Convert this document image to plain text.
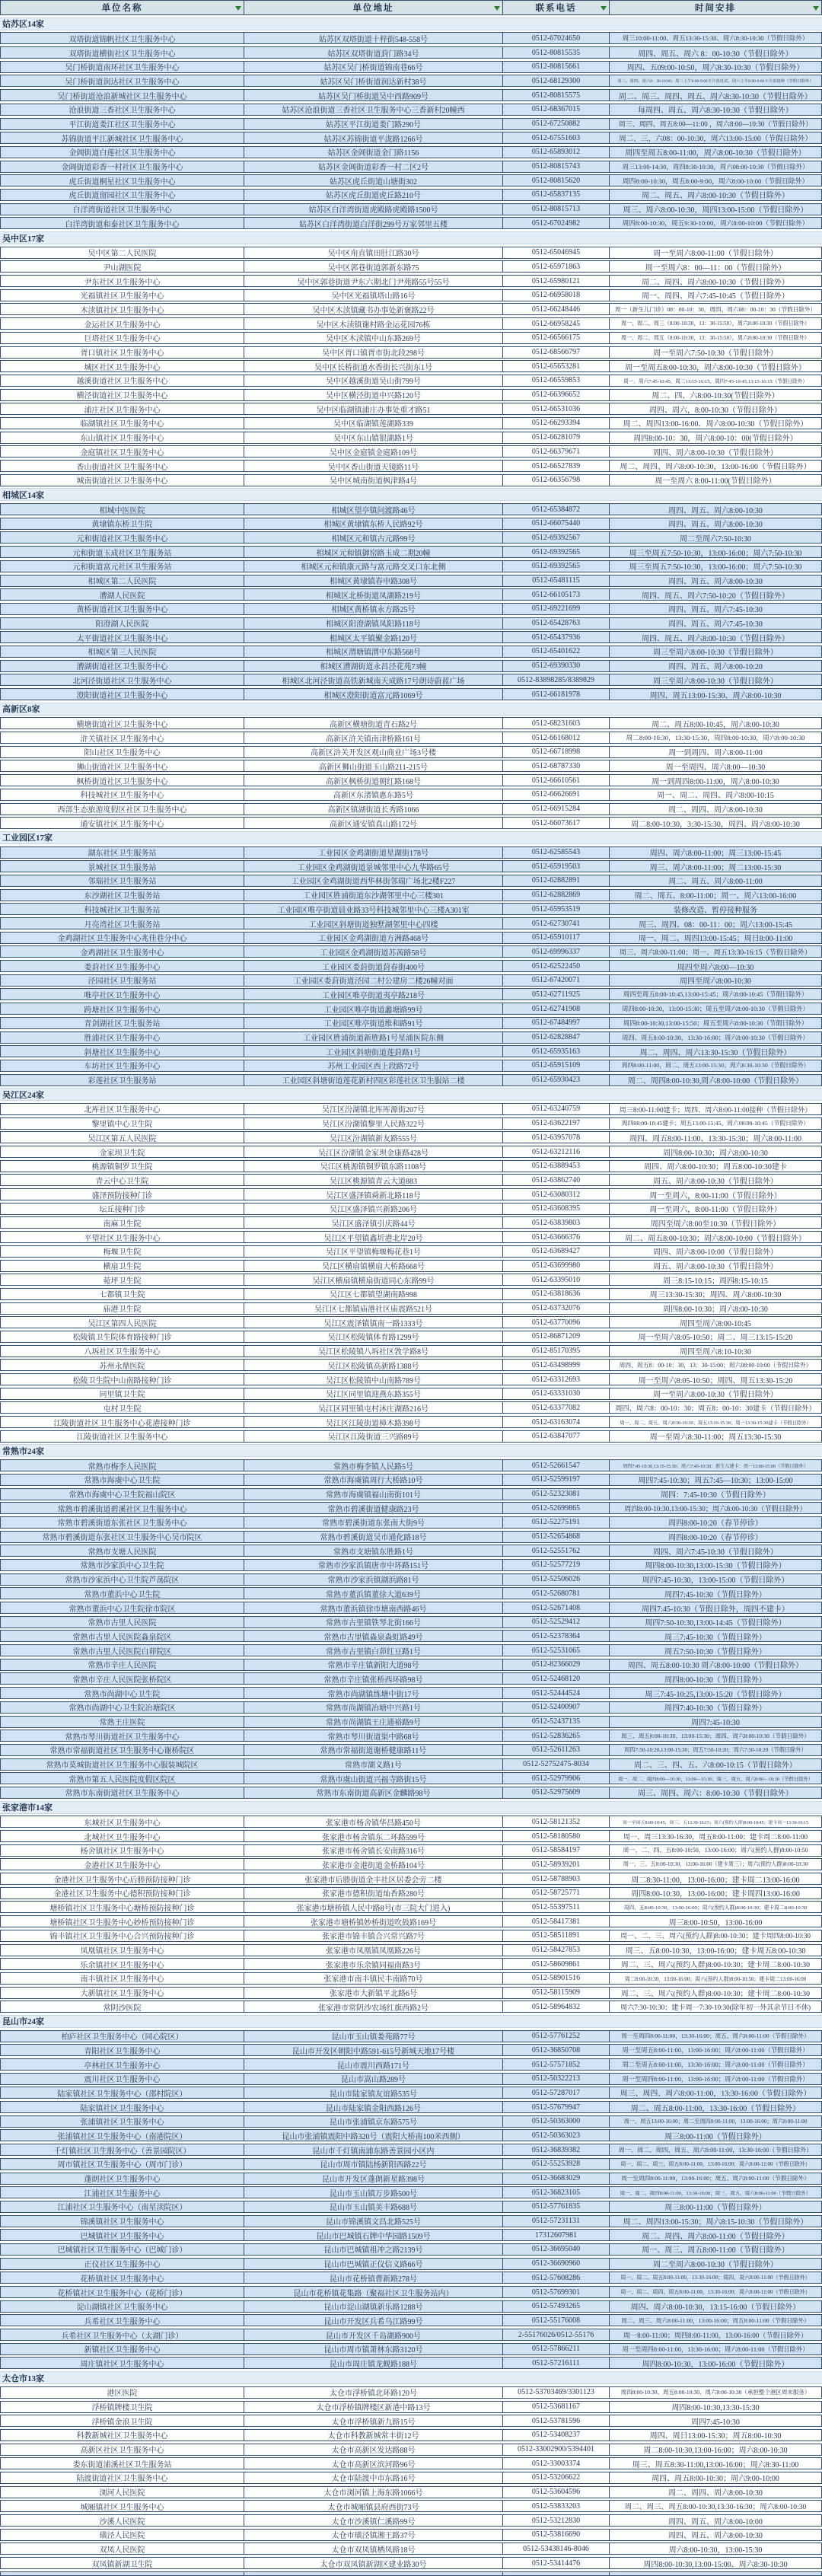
单位名称	单位地址	联系电话	时间安排
姑苏区14家
双塔街道锦帆社区卫生服务中心	姑苏区双塔街道十梓街548-558号	0512-67024650	周三10:00-11:00、周五13:30-15:30、周六8:30-10:30（节假日除外）
双塔街道横街社区卫生服务中心	姑苏区双塔街道葑门路34号	0512-80815535	周四、周五、周六 8：00-10:30（节假日除外）
吴门桥街道南环社区卫生服务中心	姑苏区吴门桥街道锦南巷66号	0512-80815661	周四、五09:00-10:50，周六8:30-10:30（节假日除外）
吴门桥街道润达社区卫生服务中心	姑苏区吴门桥街道润达新村38号	0512-68129300	周三、周四、周六8：30-10:00；周三上午8:00-9:00卡介苗皮试、周六上午8:00-9:00卡介苗接种（节假日除外）
吴门桥街道沧浪新城社区卫生服务中心	姑苏区吴门桥街道吴中西路909号	0512-80815575	周二、周三、周四、周五、周六8:30-10:30（节假日除外）
沧浪街道三香社区卫生服务中心	姑苏区沧浪街道三香社区卫生服务中心三香新村20幢西	0512-68367015	每周四、周五、周六8:30-10:30（节假日除外）
平江街道娄江社区卫生服务中心	姑苏区平江街道娄门路290号	0512-67250882	周三、周四、周五8:00—11:00 ，周六8:00—10:30（节假日除外）
苏锦街道平江新城社区卫生服务中心	姑苏区苏锦街道平泷路1266号	0512-67551603	周二、三、六08：00-10:30，周六13:00-15:00（节假日除外）
金阊街道白莲社区卫生服务中心	姑苏区金阊街道金门路1156	0512-65893012	周四至周五8:00-11:00，周六8:00-10:30（节假日除外）
金阊街道彩香一村社区卫生服务中心	姑苏区金阊街道彩香一村二区2号	0512-80815743	周三13:00-14:30，周四8:30-10:30，周六08:00-10:30（节假日除外）
虎丘街道桐星社区卫生服务中心	姑苏区虎丘街道山塘街302	0512-80815620	周四8:00-10:30，周五8:00-9:00，周六8:00-10:00（节假日除外）
虎丘街道留园社区卫生服务中心	姑苏区虎丘街道虎丘路210号	0512-65837135	周二、周五、周六8:00-10:30（节假日除外）
白洋湾街道社区卫生服务中心	姑苏区白洋湾街道虎殿路虎殿路1500号	0512-80815713	周三、周六8:00-10:30，周四13:00-15:00（节假日除外）
白洋湾街道和泰社区卫生服务中心	姑苏区白洋湾街道白洋街299号万家邻里五楼	0512-67024982	周四8:00-10:30，周五9:30-10:00，周六8:00-10:00（节假日除外）
吴中区17家
吴中区第二人民医院	吴中区甪直镇田肚江路30号	0512-65046945	周一至周六8:00-11:00（节假日除外）
尹山湖医院	吴中区郭巷街道郭新东路75	0512-65971863	周一至周六8：00—11：00（节假日除外）
尹东社区卫生服务中心	吴中区郭巷街道尹东六期北门尹苑路55号55号	0512-65980121	周二、周四、周六8:00-10:30（节假日除外）
光福镇社区卫生服务中心	吴中区光福镇塔山路16号	0512-66958018	周一、周四、周六7:45-10:45（节假日除外）
木渎镇社区卫生服务中心	吴中区木渎镇藏书办事处新褒路22号	0512-66248446	周一（新生儿门诊）08：00-10：30，周四、周六08：00-10：30（节假日除外）
金运社区卫生服务中心	吴中区木渎镇谢村路金运花园76栋	0512-66958245	周一、周二、周三（8:00-10:30，13：30-15:50），周六8:00-10:30（节假日除外）
巨塔社区卫生服务中心	吴中区木渎镇中山东路269号	0512-66566175	周一、周二、周五（8:00-10:30，13：30-15:50），周六8:00-10:30（节假日除外）
胥口镇社区卫生服务中心	吴中区胥口镇胥市街北段298号	0512-68566797	周一至周六7:50-10:30（节假日除外）
城区社区卫生服务中心	吴中区长桥街道水香街长兴街东1号	0512-65653281	周一至周五8:00-10:30，周六8:00-10:30（节假日除外）
越溪街道社区卫生服务中心	吴中区越溪街道吴山街799号	0512-66559853	周一、周六7:45-10:45，周二13:15-16:15，周四7:45-10:45,13:15-16:15（节假日除外）
横泾街道社区卫生服务中心	吴中区横泾街道中兴路120号	0512-66396652	周二、四、六8:00-10:30(节假日除外）
浦庄社区卫生服务中心	吴中区临湖镇浦庄办事处重才路51	0512-66531036	周四、周六，8:00-10:30（节假日除外）
临湖镇社区卫生服务中心	吴中区临湖镇莲湖路339	0512-66293394	周二、周四13:00-16:00、周六8:00-10:30（节假日除外）
东山镇社区卫生服务中心	吴中区东山镇银湖路1号	0512-66281079	周四8:00-10：30，周六8:00-10：00(节假日除外）
金庭镇社区卫生服务中心	吴中区金庭镇金庭路109号	0512-66379671	周四、周六8:00-10:30（节假日除外）
香山街道社区卫生服务中心	吴中区香山街道天镜路11号	0512-66527839	周二、周四、周六8:00-10:30，13:00-16:00（节假日除外）
城南街道社区卫生服务中心	吴中区城南街道枫津路4号	0512-66356798	周一至周六 8:00-11:00(节假日除外）
相城区14家
相城中医医院	相城区望亭镇问渡路46号	0512-65384872	周四、周五、周六8:00-10:30
黄埭镇东桥卫生院	相城区黄埭镇东桥人民路92号	0512-66075440	周四、周五、周六8:00-10:30
元和街道社区卫生服务中心	相城区元和镇古元路99号	0512-69392567	周二至周六7:50-10:30
元和街道玉成社区卫生服务站	相城区元和镇御窑路玉成二期20幢	0512-69392565	周三至周五7:50-10:30，13:00-16:00；周六7:50-10:30
元和街道富元社区卫生服务站	相城区元和镇康元路与富元路交叉口东北侧	0512-69392565	周三至周五7:50-10:30，13:00-16:00；周六7:50-10:30
相城区第二人民医院	相城区黄埭镇春申路308号	0512-65481115	周四、周五、周六8:00-10:30
漕湖人民医院	相城区北桥街道凤湖路219号	0512-66105173	周四、周五、周六7:50-10:20（节假日除外）
黄桥街道社区卫生服务中心	相城区黄桥镇永方路25号	0512-69221699	周四、周五、周六7:45-10:30
阳澄湖人民医院	相城区阳澄湖镇凤阳路118号	0512-65428763	周四、周五、周六7:45-10:30
太平街道社区卫生服务中心	相城区太平镇聚金路120号	0512-65437936	周四、周五、周六8:00-10:30（节假日除外）
相城区第三人民医院	相城区渭塘镇渭中东路568号	0512-65401622	周三至周六8:00-10:30（节假日除外）
漕湖街道社区卫生服务中心	相城区漕湖街道永昌泾花苑73幢	0512-69390330	周四、周五、周六8:00-10:20
北河泾街道社区卫生服务中心	相城区北河泾街道高铁新城南天成路17号朗诗蔚蓝广场	0512-83898285/8389829	周三至周六8:00-10:30（节假日除外）
澄阳街道社区卫生服务中心	相城区澄阳街道富元路1069号	0512-66181978	周四、周五13:00-15:30、周六8:00-10:30
高新区8家
横塘街道社区卫生服务中心	高新区横塘街道青石路2号	0512-68231603	周二、周五8:00-10:45，周六8:00-10:30
浒关镇社区卫生服务中心	高新区浒关镇南津桥路161号	0512-66168012	周二8:00-10:30，13:30-15:30，周四8:00-10:30，周六8:00-10:30
阳山社区卫生服务中心	高新区浒关开发区观山商业广场3号楼	0512-66718998	周一到周四、周六8:00-11:00
狮山街道社区卫生服务中心	高新区狮山街道玉山路211-215号	0512-68787330	周一至周四、周六8:00—10:30
枫桥街道社区卫生服务中心	高新区枫桥街道朝红路168号	0512-66610561	周一到周四8:00-11:00，周六8:00-10:30
科技城社区卫生服务中心	高新区东渚镇惠东路5号	0512-66626691	周一、周二、周四、周六8:00-10:15
西部生态旅游度假区社区卫生服务中心	高新区镇湖街道长秀路1066	0512-66915284	周二、周四、周六8:00-10:30
通安镇社区卫生服务中心	高新区通安镇真山路172号	0512-66073617	周二8:00-10:30，3:30-15:30，周四、周六8:00-10:30
工业园区17家
湖东社区卫生服务站	工业园区金鸡湖街道星湖街178号	0512-62585543	周四、周六8:00-11:00；周三13:00-15:45
景城社区卫生服务站	工业园区金鸡湖街道景城邻里中心九华路65号	0512-65919503	周三、周六8:00-11:00；周二13:00-15:30
邻瑞社区卫生服务站	工业园区金鸡湖街道西华林街邻瑞广场北2楼F227	0512-62882891	周二、周五、周六8:00-11:00
东沙湖社区卫生服务站	工业园区胜浦街道东沙湖邻里中心三楼301	0512-62882869	周二、周五、8:00-11:00；周一、周六13:00-16:00
科技城社区卫生服务站	工业园区唯亭街道晨业路33号科技城邻里中心三楼A301室	0512-65953519	装修改造、暂停接种服务
月亮湾社区卫生服务站	工业园区斜塘街道独墅湖邻里中心四楼	0512-62730741	周三、周四、08：00-11：00；周六13:00-15:45
金鸡湖社区卫生服务中心兆佳巷分中心	工业园区金鸡湖街道方洲路468号	0512-65910117	周一、周二、周四13:00-15:45；周日8:00-11:00
金鸡湖社区卫生服务中心	工业园区金鸡湖街道苏茜路58号	0512-69996337	周三、周六8:00-11:00；周一、周五13:30-16:15（节假日除外）
娄葑社区卫生服务中心	工业园区娄葑街道葑春街400号	0512-62522450	周四至周六8:00—10:30
泾园社区卫生服务站	工业园区娄葑街道泾园二村公建房二楼26幢对面	0512-67420071	周四至周六8:00-10:30
唯亭社区卫生服务中心	工业园区唯亭街道夷亭路218号	0512-62711925	周四至周五8:00-10:45,13:00-15:45；周六8:00-10:45（节假日除外）
跨塘社区卫生服务中心	工业园区唯亭街道蠡塘路99号	0512-62741908	周四8:00-10:30，13:00-15:30；周五至周六8:00-10:30（节假日除外）
青剑湖社区卫生服务站	工业园区唯亭街道维和路91号	0512-67484997	周四8:00-10:30,13:00-15:50；周五至周六8:00-10:30（节假日除外）
胜浦社区卫生服务中心	工业园区胜浦街道新胜路1号星浦医院东侧	0512-62828847	周四、周五8:00-10:30，13:30-16:00；周六8:00-10:30（节假日除外）
斜塘社区卫生服务中心	工业园区斜塘街道莲葑路1号	0512-65935163	周二、周四、周六13:30-15:30（节假日除外）
车坊社区卫生服务中心	苏州工业园区西上段路72号	0512-65915109	周四8:00-11:00，周二、周五13:00-15:30；周六8:30-10:30（节假日除外）
彩莲社区卫生服务站	工业园区斜塘街道莲花新村四区彩莲社区卫生服站二楼	0512-65930423	周二、周四8:00-10:30,周六8:00-10:00（节假日除外）
吴江区24家
北厍社区卫生服务中心	吴江区汾湖镇北厍厍源街207号	0512-63240759	周三8:00-11:00建卡；周四、周六8:00-11:00接种（节假日除外）
黎里镇中心卫生院	吴江区汾湖镇黎里人民路322号	0512-63622197	周四08:00-10:45建卡；周五13:00-15:45、周六08:00-10:45（节假日除外）
吴江区第五人民医院	吴江区汾湖镇新友路555号	0512-63957078	周四、周五8:00-11:00、13:30-15:30；周六8:00-11:00
金家坝卫生院	吴江区汾湖镇金家坝金康路428号	0512-63212116	周四8:00-10:30；周六8:00-10:30
桃源镇铜罗卫生院	吴江区桃源镇铜罗镇东路1108号	0512-63889453	周四、周六8:00-10:30；周五8:00-10:30建卡
青云中心卫生院	吴江区桃源镇青云大道883	0512-63862740	周五、周六8:00-10:30（节假日除外）
盛泽预防接种门诊	吴江区盛泽镇舜新北路118号	0512-63080312	周一至周六，8:00-11:00（节假日除外）
坛丘接种门诊	吴江区盛泽镇兴新路206号	0512-63608395	周一至周六，8:00-11:00（节假日除外）
南麻卫生院	吴江区盛泽镇引庆路44号	0512-63839803	周四至周六8:00至10:30（节假日除外）
平望社区卫生服务中心	吴江区平望镇鑫圻港北岸20号	0512-63666376	周二、周五8:00-10:30；周六8:00-10:00（节假日除外）
梅堰卫生院	吴江区平望镇梅堰梅花巷1号	0512-63689427	周四、周六8:00-10:00（节假日除外）
横扇卫生院	吴江区横扇镇横扇大桥路668号	0512-63699980	周五、周六8:00-10:30（节假日除外）
菀坪卫生院	吴江区横扇镇横扇街道同心东路99号	0512-63395010	周三8:15-10:15；周四8:15-10:15
七都镇卫生院	吴江区七都镇望湖南路998	0512-63818636	周三13:30-15:30；周四、周六8:00-10:30
庙港卫生院	吴江区七都镇庙港社区庙震路521号	0512-63732076	周四8:00-10:30；周六8:00-10:30
吴江区第四人民医院	吴江区震泽镇镇南一路1333号	0512-63770096	周四至周六8:00-10:45
松陵镇卫生院体育路接种门诊	吴江区松陵镇体育路1299号	0512-86871209	周一至周六8:05-10:50；周二、周三13:15-15:20
八坼社区卫生服务中心	吴江区松陵镇八坼社区敩学路8号	0512-85170395	周四至周六8:10-10:30
苏州永鼎医院	吴江区松陵镇高新路1388号	0512-63498999	周四、周五8：00-10：30，13：30-15:00；周六08:00-10:00（节假日除外）
松陵卫生院中山南路接种门诊	吴江区松陵镇中山南路789号	0512-63312693	周一至周六8:05-10:50；周四、周五13:30-15:20
同里镇卫生院	吴江区同里镇迎燕东路355号	0512-63331030	周一至周六8:00-10:30（节假日除外）
屯村卫生院	吴江区同里镇屯村沐庄湖路216号	0512-63377082	周四、周六8：00-10：30；周五8：00-10：30建卡（节假日除外）
江陵街道社区卫生服务中心花港接种门诊	吴江区江陵街道樟木路398号	0512-63163074	周一、周二、周五、周六8:30-10:30；周五13:10-15:30；周一13:30-15:30建卡（节假日除外）
江陵街道社区卫生服务中心	吴江区江陵街道三兴路89号	0512-63847077	周一至周六8:30-11:00；周五13:30-15:30
常熟市24家
常熟市梅李人民医院	常熟市梅李镇人民路5号	0512-52661547	周四7:45-10:30,13:15-15:30；周六7:45-10:30；新生儿建卡：周一13:00-15:00（节假日除外）
常熟市海虞中心卫生院	常熟市海虞镇周行大桥路10号	0512-52599197	周四7:45-10:30；周五7:45—10:30；13:00-15:00
常熟市海虞中心卫生院福山院区	常熟市海虞镇福山南街101号	0512-52323081	周四：7:45-10:30（节假日除外）
常熟市碧溪街道碧溪社区卫生服务中心	常熟市碧溪街道健康路23号	0512-52699865	周四8:00-10:30,13:00-15:30；周六8:00-10:30（节假日除外）
常熟市碧溪街道东张社区卫生服务中心	常熟市碧溪街道东张南大街9号	0512-52275191	周四8:00-10:20（春节停诊）
常熟市碧溪街道东张社区卫生服务中心吴市院区	常熟市碧溪街道吴市通化路18号	0512-52654868	周四8:00-10:20（春节停诊）
常熟市支塘人民医院	常熟市支塘镇东胜路1号	0512-52551762	周四、周六7:45-10:30（节假日除外）
常熟市沙家浜中心卫生院	常熟市沙家浜镇唐市中环路151号	0512-52577219	周四8:00-10:30,13:00-15:30（节假日除外）
常熟市沙家浜中心卫生院芦荡院区	常熟市沙家浜镇湖浜路81号	0512-52506026	周四7:45-10:30，13:00-15:00（节假日除外）
常熟市董浜中心卫生院	常熟市董浜镇董徐大道639号	0512-52680781	周四7:45-10:30（节假日除外）
常熟市董浜中心卫生院徐市院区	常熟市董浜镇徐市塘南西路46号	0512-52671408	周四7:45-10:30（节假日除外，周四不建卡）
常熟市古里人民医院	常熟市古里镇铁琴北街166号	0512-52529412	周四7:50-10:30,13:00-14:45（节假日除外）
常熟市古里人民医院淼泉院区	常熟市古里镇淼泉淼虹路49号	0512-52378364	周三7:45-10:30（节假日除外）
常熟市古里人民医院白茆院区	常熟市古里镇白茆红豆路1号	0512-52531065	周五7:50-10:30（节假日除外）
常熟市辛庄人民医院	常熟市辛庄镇新阳大道98号	0512-82366029	周四、周五8:00-10:30 周六8:00-10:00（节假日除外）
常熟市辛庄人民医院张桥院区	常熟市辛庄镇张桥西环路98号	0512-52468120	周四8:00-10:30（节假日除外）
常熟市尚湖中心卫生院	常熟市尚湖镇练塘中街17号	0512-52444524	周三7:45-10:25,13:00-15:20（节假日除外）
常熟市尚湖中心卫生院冶塘院区	常熟市尚湖镇冶塘中兴路1号	0512-52400907	周四7:40-10:30（节假日除外）
常熟王庄医院	常熟市尚湖镇王庄通裕路9号	0512-52437135	周四7:45-10:30
常熟市琴川街道社区卫生服务中心	常熟市琴川街道渠中路68号	0512-52836265	周三、周五8:00-10:30、13:00-15:30；周四、周六8:00-10:30（节假日除外）
常熟市常福街道社区卫生服务中心谢桥院区	常熟市常福街道谢桥健康路11号	0512-52611263	周四7:50-10:20,13:00-15:30；周五7:50-10:20；周六7:50-10:20（节假日除外）
常熟市莫城街道社区卫生服务中心服装城院区	常熟市湖义路1号	0512-52752475-8034	周二、三、四、五、六8:00-10:15（节假日除外）
常熟市第五人民医院度假区院区	常熟市虞山街道兴福寺路街15号	0512-52979906	周一、周二、周四8:00—10:30、13:00—15:30；周三、周五、周六8:00—10:30（节假日除外）
常熟市东南街道社区卫生服务中心	常熟市东南街道高新区金麟路98号	0512-52975609	周三、周四、周六：8:00-10:30（节假日除外）
张家港市14家
东城社区卫生服务中心	张家港市杨舍镇华昌路450号	0512-58121352	周一至周五8:00-10:45，周三、五13:30-16:15；周六(预约人群)8:00-10:45；建卡周一13:30-16:15
北城社区卫生服务中心	张家港市杨舍镇东二环路599号	0512-58180580	周一、周三13:30-16:30，周五8:00-11:00；建卡周二8:00-11:00
杨舍镇社区卫生服务中心	张家港市杨舍镇长安南路316号	0512-58584197	周一、二、四、五8:00-10:50，13:00-16:00；周六(预约人群)8:00-10:50
金港社区卫生服务中心	张家港市金港街道金桥路104号	0512-58939201	周一、三、五8:00-10:30，13:00-16:00（建卡周三）；周六(预约人群)8:00-10:30
金港社区卫生服务中心后塍预防接种门诊	张家港市后塍街道金丰社区居委会旁二楼	0512-58788903	周二8:30-11:00，13:00-16:00；建卡周二13:00-16:00
金港社区卫生服务中心德积预防接种门诊	张家港市德积街道灿香路280号	0512-58725771	周四8:00-10:30，13:00-16:00；建卡周四13:00-16:00
塘桥镇社区卫生服务中心塘桥预防接种门诊	张家港市塘桥镇人民中路8号(市三院大门进入)	0512-55397511	周四、五8:00-10:30，13:00-16:00；周六(预约人群)8:00-10:30；建卡周二8:00-10:30
塘桥镇社区卫生服务中心妙桥预防接种门诊	张家港市塘桥镇妙桥街道吹鼓路169号	0512-58417381	周三8:00-10:50，13:00-16:00
锦丰镇社区卫生服务中心合兴预防接种门诊	张家港市锦丰镇合兴常兴路7号	0512-58511891	周一、二、三、周六(预约人群)8:00-10:30；建卡周四8:00-10:30
凤凰镇社区卫生服务中心	张家港市凤凰镇凤凰路226号	0512-58427853	周三、五8:00-10:30，13:00-16:00；建卡周五8:00-10:30
乐余镇社区卫生服务中心	张家港市乐余镇同福南路3号	0512-58609861	周二、三、周六(预约人群)8:00-10:30；建卡周二8:00-10:30
南丰镇社区卫生服务中心	张家港市南丰镇民丰南路70号	0512-58901516	周二8:00-10:30，13:00-16:00；周六(预约人群)8:00-10:50；建卡周二13:00-16:00
大新镇社区卫生服务中心	张家港市大新镇平北路6号	0512-58115909	周二、三、周六(预约人群)8:00-10:30；建卡周二8:00-10:30
常阴沙医院	张家港市常阴沙农场红旗西路2号	0512-58964832	周六7:30-10:30；建卡周一7:30-10:30(除年初一外其余节日不休)
昆山市24家
柏庐社区卫生服务中心（同心院区）	昆山市玉山镇娄苑路77号	0512-57761252	周一至周四8:00-11:00，13:30-16:00；周五、周六8:00-11:00（节假日除外）
青阳社区卫生服务中心	昆山市开发区朝阳中路591-615号新城天地17号楼	0512-36850708	周一至周五8:00-11:00，13:00-16:00；周六8:00-11:00（节假日除外）
亭林社区卫生服务中心	昆山市震川西路171号	0512-57571852	周二至周五8:00-11:00，13:30-16:00；周六8:00-11:00（节假日除外）
震川社区卫生服务中心	昆山市嵩山路289号	0512-50322213	周一至周四8:00-11:00，13:00-16:00；周六8:00-11:00（节假日除外）
陆家镇社区卫生服务中心（邵村院区）	昆山市陆家镇友谊路535号	0512-57287017	周三、周四、周六8:00-11:00，13:30-16:00（节假日除外）
陆家镇社区卫生服务中心	昆山市陆家镇金阳西路126号	0512-57679947	周二、周五8:00-11:00，13:30-16:00（节假日除外）
张浦镇社区卫生服务中心	昆山市张浦镇京东路575号	0512-50363000	周一、周五13:00-16:00；周二至周四8:00-11:00，13:00-16:00；周六8:00-11:00
张浦镇社区卫生服务中心（南港院区）	昆山市张浦镇震阳中路320号（震阳大桥南100米西侧）	0512-50363023	周三8:00-11:00（节假日除外）
千灯镇社区卫生服务中心（善景园院区）	昆山市千灯镇南浦东路善景园小区内	0512-36839382	周一、周二、周四、周五、周六8:00-11:00，13:30-16:00（节假日除外）
周市镇社区卫生服务中心（周市门诊）	昆山市周市镇陆杨新阳西路22号	0512-55253928	周一、周二、周三、周五8:00-11:00，13:00-16:00；周六8:00-11:00（节假日除外）
蓬朗社区卫生服务中心	昆山市开发区蓬朗新星路398号	0512-36683029	周一至周四8:00-11:00，13:00-16:00；周五、周六8:00-11:00（节假日除外）
江浦社区卫生服务中心	昆山市玉山镇万步路500号	0512-36823105	周一、周二、周四8:00-11:00，13:30-16:00；周三、周五、周六8:00-11:00（节假日除外）
江浦社区卫生服务中心（南星渎院区）	昆山市玉山镇美丰路688号	0512-57761835	周三8:00-11:00（节假日除外）
锦溪镇社区卫生服务中心	昆山市锦溪镇文昌北路525号	0512-57231131	周二、周四13:00-15:30；周六8:15-10:30（节假日除外）
巴城镇社区卫生服务中心	昆山市巴城镇石牌中华园路1509号	17312607981	周二、周四、周六8:00-11:00（节假日除外）
巴城镇社区卫生服务中心（巴城门诊）	昆山市巴城镇祖冲之路2139号	0512-36695040	周一、周三、周五8:00-11:00（节假日除外）
正仪社区卫生服务中心	昆山市巴城镇正仪信义路66号	0512-36690960	周二至周六8:00-10:30（节假日除外）
花桥镇社区卫生服务中心	昆山市花桥镇曹新路278号	0512-57608286	周一、周二、周五8:00-11:00，13:30-16:00；周四、周六8:00-11:00（节假日除外）
花桥镇社区卫生服务中心（花桥门诊）	昆山市花桥镇花集路（聚福社区卫生服务站内）	0512-57699301	周一、周二、周四、周五8:00-11:00，13:30-16:00；周六8:00-11:00（节假日除外）
淀山湖镇社区卫生服务中心	昆山市淀山湖镇新乐路1288号	0512-57493265	周四、周六8:00-10:30，13:15-16:00（节假日除外）
兵希社区卫生服务中心	昆山市开发区兵希乌江路99号	0512-55176008	周二、周三、周六8:00-11:00，13:00-16:00；周五8:00-11:00（节假日除外）
兵希社区卫生服务中心（太湖门诊）	昆山市开发区千岛湖路900号	2-55176026/0512-55176	周一8:00-11:00；周四8:00-11:00，13:00-16:00（节假日除外）
新镇社区卫生服务中心	昆山市周市镇萧林东路3120号	0512-57866211	周一至周四8:00-11:00，13:30-16:00；周六8:00-11:00（节假日除外）
周庄镇社区卫生服务中心	昆山市周庄镇龙蚬路188号	0512-57216111	周四8:00-10:30，13:00-16:00（节假日除外）
太仓市13家
港区医院	太仓市浮桥镇北环路120号	0512-53703469/3301123	周四8:00-10:30、周五8:00-10:30、周六8:00-10:30（承担整个港区周末服务）
浮桥镇牌楼卫生院	太仓市浮桥镇牌楼区新港中路13号	0512-53681167	周四8:00-10:30,13:30-15:30
浮桥镇金浪卫生院	太仓市浮桥镇新九路15号	0512-53781596	周四7:45-10:30
科教新城社区卫生服务中心	太仓市科教新城常丰街12号	0512-53408237	周四、周日13:00-15:30；周五8:00-10:30
高新区社区卫生服务中心	太仓市高新区发达路88号	0512-33002900/5394401	周二8:00-10:30,13:00-16:00；周六8:00-10:30
娄东街道浦溪社区卫生服务站	太仓市高新区滨河路96号	0512-33003374	周三、周五8:30-11:00,13:00-16:00；周六8:30-11:00
陆渡街道社区卫生服务中心	太仓市陆渡中市东路16号	0512-53206622	周四、周五8:00-10:30；周六9:00-10:00
浏河人民医院	太仓市浏河镇上海东路1066号	0512-53604596	周二、周四、周六8:00-10:30
城厢镇社区卫生服务中心	太仓市城厢镇县府西街73号	0512-53833203	周二、周三、周五8:00-10:30,13:30-16:30；周六8:00-10:30
沙溪人民医院	太仓市沙溪镇仁溪路99号	0512-53212830	周四、周五、周六8:00-10:00
璜泾人民医院	太仓市璜泾镇湘王路37号	0512-53816690	周四、周五、周六8:00-10:30
双凤人民医院	太仓市双凤镇栖凤路18号	0512-53438146-8046	周六8:00-10:30，13:00-15:30
双凤镇新湖卫生院	太仓市双凤镇新湖区建业路30号	0512-53414476	周四8:00-10:30,13:00-15:00、周六8:30-10:30
